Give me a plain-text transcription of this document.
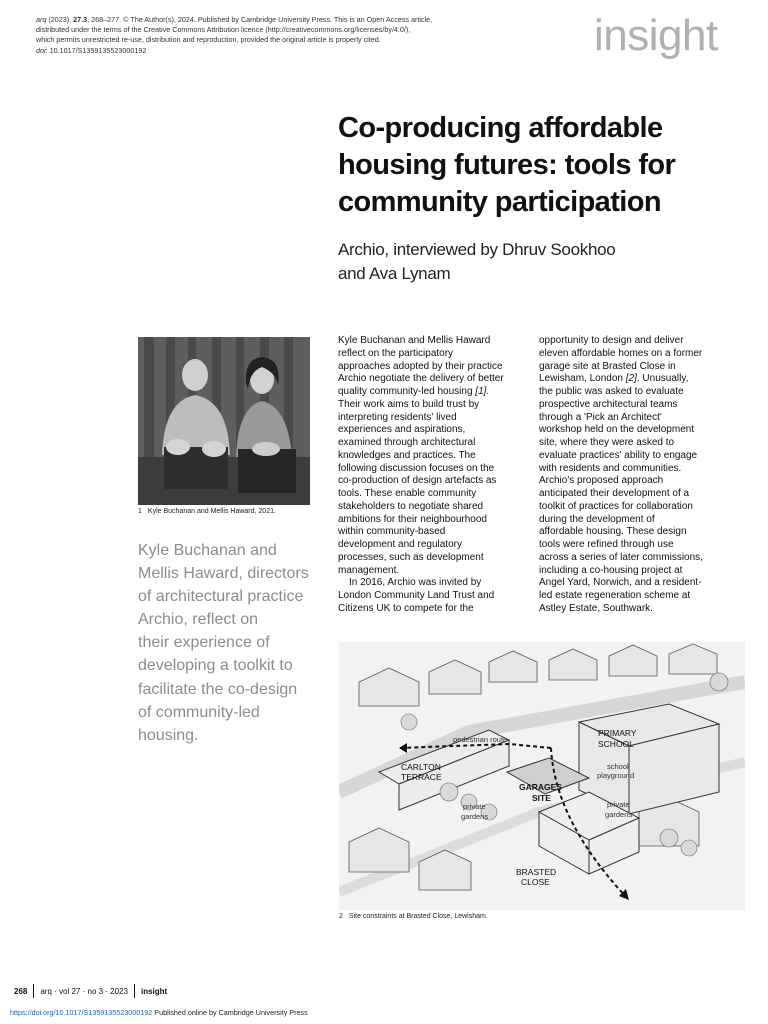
arq (2023), 27.3, 268–277. © The Author(s), 2024. Published by Cambridge University Press. This is an Open Access article,
distributed under the terms of the Creative Commons Attribution licence (http://creativecommons.org/licenses/by/4.0/),
which permits unrestricted re-use, distribution and reproduction, provided the original article is properly cited.
doi: 10.1017/S1359135523000192	insight
Co-producing affordable
housing futures: tools for
community participation
Archio, interviewed by Dhruv Sookhoo
and Ava Lynam
1 Kyle Buchanan and Mellis Haward, 2021.
Kyle Buchanan and
Mellis Haward, directors
of architectural practice
Archio, reflect on
their experience of
developing a toolkit to
facilitate the co-design
of community-led
housing.

Kyle Buchanan and Mellis Haward

reflect on the participatory

approaches adopted by their practice

Archio negotiate the delivery of better

quality community-led housing [1].

Their work aims to build trust by

interpreting residents' lived

experiences and aspirations,

examined through architectural

knowledges and practices. The

following discussion focuses on the

co-production of design artefacts as

tools. These enable community

stakeholders to negotiate shared

ambitions for their neighbourhood

within community-based

development and regulatory

processes, such as development

management.

In 2016, Archio was invited by

London Community Land Trust and

Citizens UK to compete for the

opportunity to design and deliver

eleven affordable homes on a former

garage site at Brasted Close in

Lewisham, London [2]. Unusually,

the public was asked to evaluate

prospective architectural teams

through a 'Pick an Architect'

workshop held on the development

site, where they were asked to

evaluate practices' ability to engage

with residents and communities.

Archio's proposed approach

anticipated their development of a

toolkit of practices for collaboration

during the development of

affordable housing. These design

tools were refined through use

across a series of later commissions,

including a co-housing project at

Angel Yard, Norwich, and a resident-

led estate regeneration scheme at

Astley Estate, Southwark.

pedestrian route
CARLTON
TERRACE
PRIMARY
SCHOOL
school
playground
GARAGES
SITE
private
gardens
private
gardens
BRASTED
CLOSE
2 Site constraints at Brasted Close, Lewisham.
268 arq · vol 27 · no 3 · 2023 insight
https://doi.org/10.1017/S1359135523000192 Published online by Cambridge University Press
